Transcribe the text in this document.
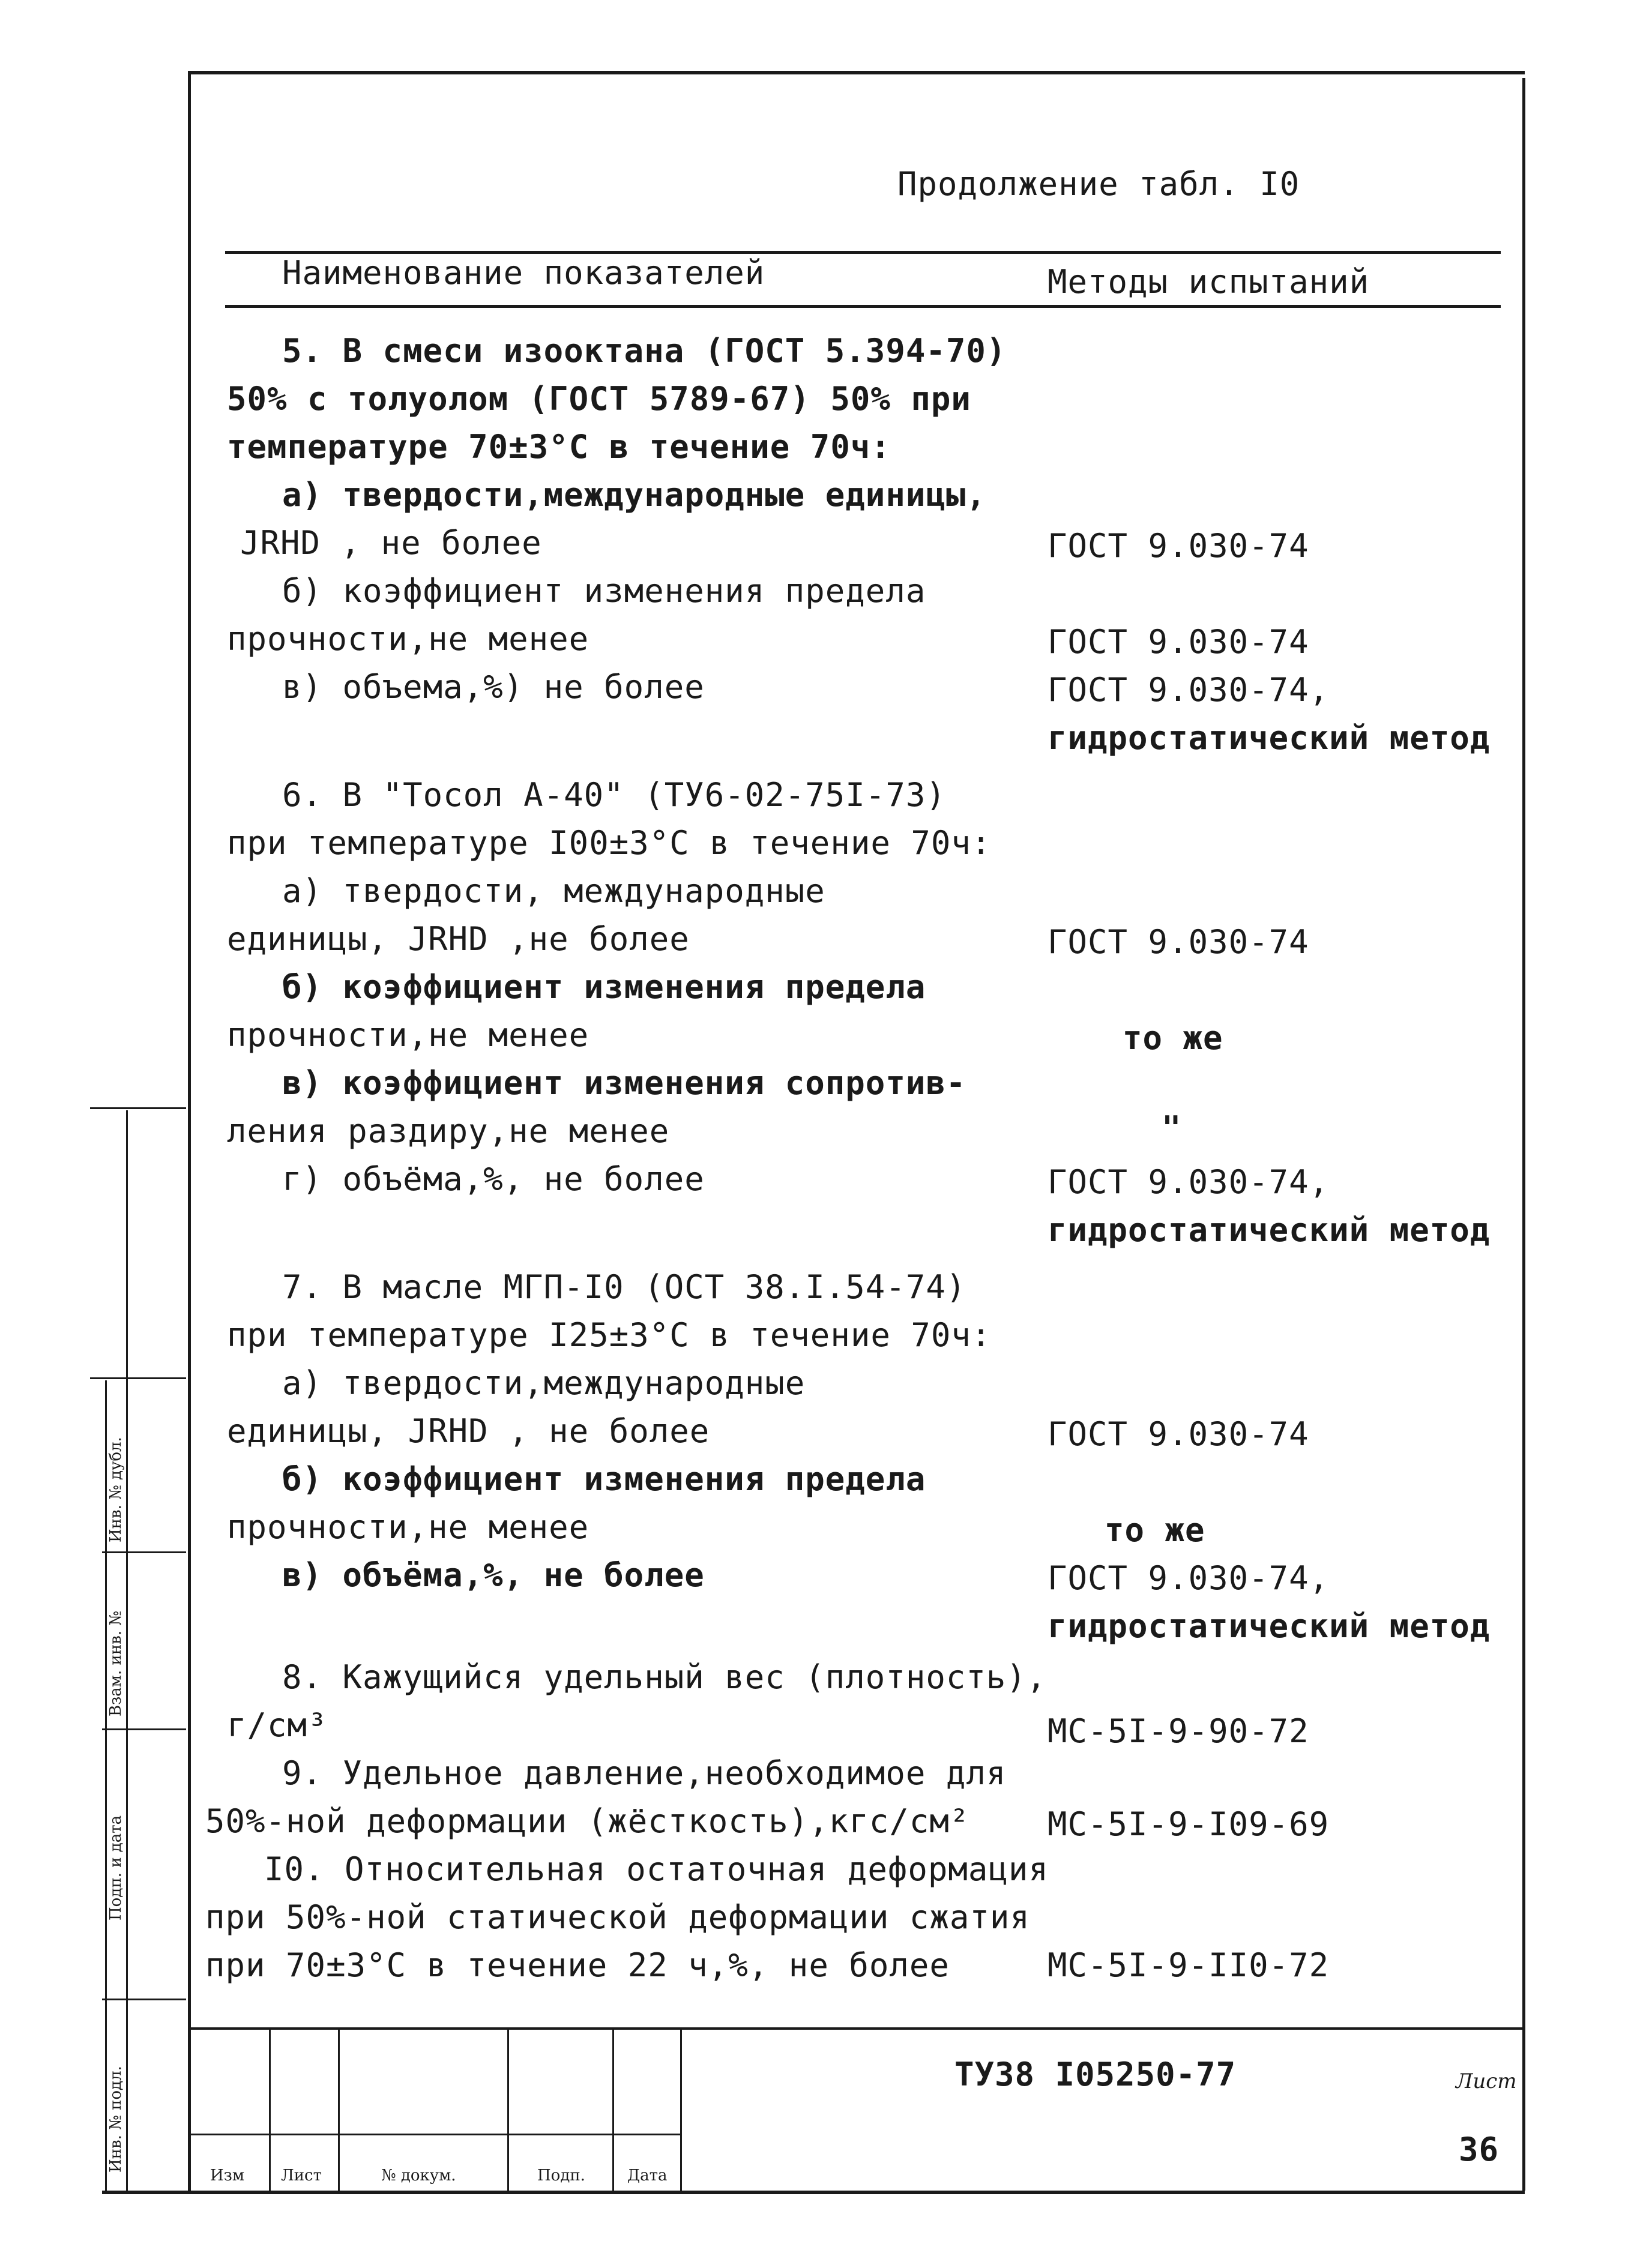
Продолжение табл. I0
Наименование показателей	Методы испытаний
5. В смеси изооктана (ГОСТ 5.394-70)
50% с толуолом (ГОСТ 5789-67) 50% при
температуре 70±3°С в течение 70ч:
а) твердости,международные единицы,
JRHD , не более	ГОСТ 9.030-74
б) коэффициент изменения предела
прочности,не менее	ГОСТ 9.030-74
в) объема,%) не более	ГОСТ 9.030-74,
гидростатический метод
6. В "Тосол А-40" (ТУ6-02-75I-73)
при температуре I00±3°С в течение 70ч:
а) твердости, международные
единицы, JRHD ,не более	ГОСТ 9.030-74
б) коэффициент изменения предела
прочности,не менее	то же
в) коэффициент изменения сопротив-
ления раздиру,не менее	"
г) объёма,%, не более	ГОСТ 9.030-74,
гидростатический метод
7. В масле МГП-I0 (ОСТ 38.I.54-74)
при температуре I25±3°С в течение 70ч:
а) твердости,международные
единицы, JRHD , не более	ГОСТ 9.030-74
б) коэффициент изменения предела
прочности,не менее	то же
в) объёма,%, не более	ГОСТ 9.030-74,
гидростатический метод
8. Кажущийся удельный вес (плотность),
г/см³	МС-5I-9-90-72
9. Удельное давление,необходимое для
50%-ной деформации (жёсткость),кгс/см² МС-5I-9-I09-69
I0. Относительная остаточная деформация
при 50%-ной статической деформации сжатия
при 70±3°С в течение 22 ч,%, не более	МС-5I-9-II0-72
Изм Лист	№ докум.	Подп.	Дата
ТУ38 I05250-77	Лист
36
Инв. № дубл.
Взам. инв. №
Подп. и дата
Инв. № подл.
